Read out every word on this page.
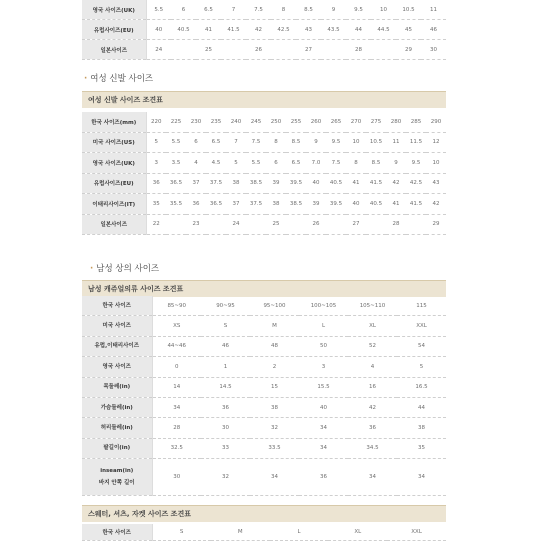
영국 사이즈(UK)	5.5	6	6.5	7	7.5	8	8.5	9	9.5	10	10.5	11
유럽사이즈(EU)	40	40.5	41	41.5	42	42.5	43	43.5	44	44.5	45	46
일본사이즈	24		25		26		27		28		29	30
· 여성 신발 사이즈
여성 신발 사이즈 조견표
한국 사이즈(mm)	220	225	230	235	240	245	250	255	260	265	270	275	280	285	290
미국 사이즈(US)	5	5.5	6	6.5	7	7.5	8	8.5	9	9.5	10	10.5	11	11.5	12
영국 사이즈(UK)	3	3.5	4	4.5	5	5.5	6	6.5	7.0	7.5	8	8.5	9	9.5	10
유럽사이즈(EU)	36	36.5	37	37.5	38	38.5	39	39.5	40	40.5	41	41.5	42	42.5	43
이태리사이즈(IT)	35	35.5	36	36.5	37	37.5	38	38.5	39	39.5	40	40.5	41	41.5	42
일본사이즈	22		23		24		25		26		27		28		29
· 남성 상의 사이즈
남성 캐쥬얼의류 사이즈 조견표
한국 사이즈	85~90	90~95	95~100	100~105	105~110	115
미국 사이즈	XS	S	M	L	XL	XXL
유럽,이태리사이즈	44~46	46	48	50	52	54
영국 사이즈	0	1	2	3	4	5
목둘레(in)	14	14.5	15	15.5	16	16.5
가슴둘레(in)	34	36	38	40	42	44
허리둘레(in)	28	30	32	34	36	38
팔길이(in)	32.5	33	33.5	34	34.5	35
inseam(in)
바지 안쪽 길이	30	32	34	36	34	34
스웨터, 셔츠, 자켓 사이즈 조견표
한국 사이즈	S	M	L	XL	XXL
